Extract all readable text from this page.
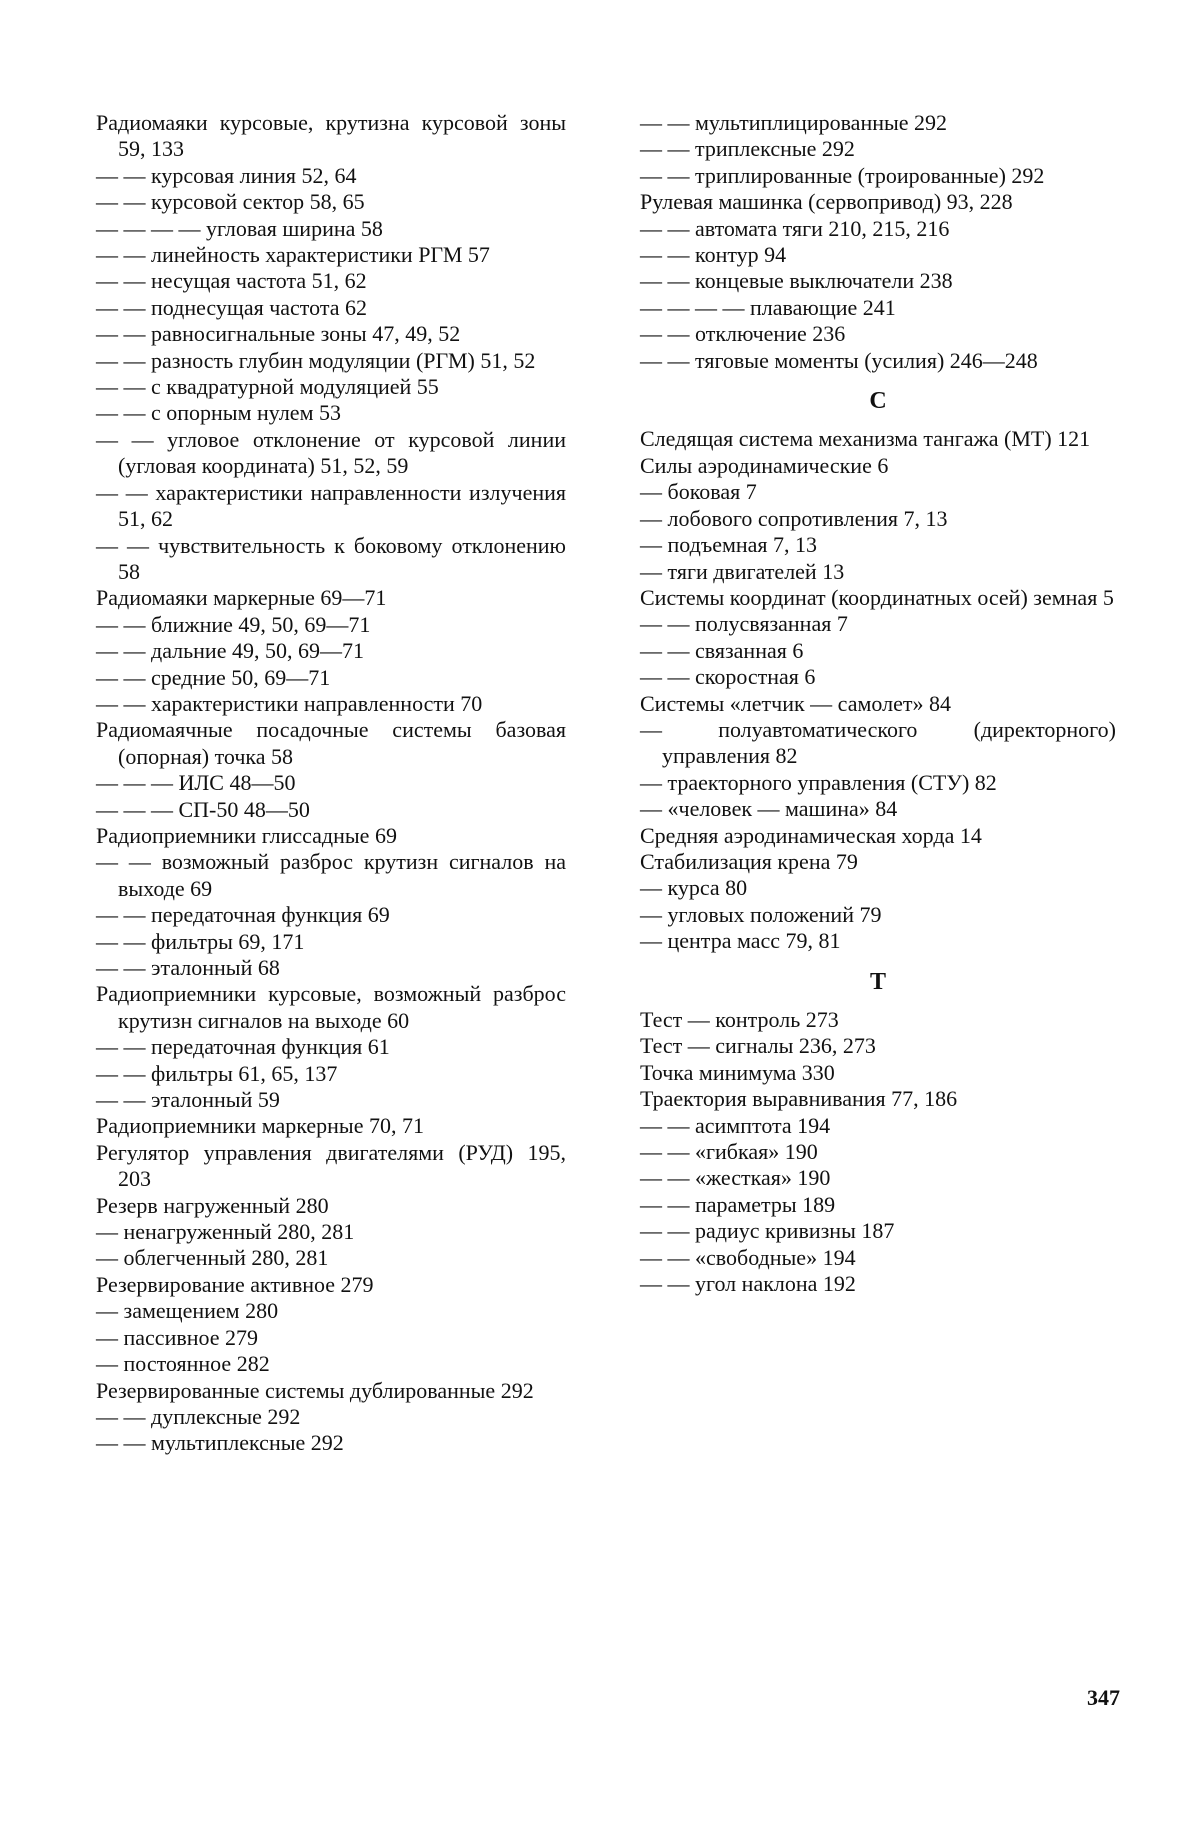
Радиомаяки курсовые, крутизна курсовой зоны 59, 133

— — курсовая линия 52, 64

— — курсовой сектор 58, 65

— — — — угловая ширина 58

— — линейность характеристики РГМ 57

— — несущая частота 51, 62

— — поднесущая частота 62

— — равносигнальные зоны 47, 49, 52

— — разность глубин модуляции (РГМ) 51, 52

— — с квадратурной модуляцией 55

— — с опорным нулем 53

— — угловое отклонение от курсовой линии (угловая координата) 51, 52, 59

— — характеристики направленности излучения 51, 62

— — чувствительность к боковому отклонению 58

Радиомаяки маркерные 69—71

— — ближние 49, 50, 69—71

— — дальние 49, 50, 69—71

— — средние 50, 69—71

— — характеристики направленности 70

Радиомаячные посадочные системы базовая (опорная) точка 58

— — — ИЛС 48—50

— — — СП-50 48—50

Радиоприемники глиссадные 69

— — возможный разброс крутизн сигналов на выходе 69

— — передаточная функция 69

— — фильтры 69, 171

— — эталонный 68

Радиоприемники курсовые, возможный разброс крутизн сигналов на выходе 60

— — передаточная функция 61

— — фильтры 61, 65, 137

— — эталонный 59

Радиоприемники маркерные 70, 71

Регулятор управления двигателями (РУД) 195, 203

Резерв нагруженный 280

— ненагруженный 280, 281

— облегченный 280, 281

Резервирование активное 279

— замещением 280

— пассивное 279

— постоянное 282

Резервированные системы дублированные 292

— — дуплексные 292

— — мультиплексные 292

— — мультиплицированные 292

— — триплексные 292

— — триплированные (троированные) 292

Рулевая машинка (сервопривод) 93, 228

— — автомата тяги 210, 215, 216

— — контур 94

— — концевые выключатели 238

— — — — плавающие 241

— — отключение 236

— — тяговые моменты (усилия) 246—248

С

Следящая система механизма тангажа (МТ) 121

Силы аэродинамические 6

— боковая 7

— лобового сопротивления 7, 13

— подъемная 7, 13

— тяги двигателей 13

Системы координат (координатных осей) земная 5

— — полусвязанная 7

— — связанная 6

— — скоростная 6

Системы «летчик — самолет» 84

— полуавтоматического (директорного) управления 82

— траекторного управления (СТУ) 82

— «человек — машина» 84

Средняя аэродинамическая хорда 14

Стабилизация крена 79

— курса 80

— угловых положений 79

— центра масс 79, 81

Т

Тест — контроль 273

Тест — сигналы 236, 273

Точка минимума 330

Траектория выравнивания 77, 186

— — асимптота 194

— — «гибкая» 190

— — «жесткая» 190

— — параметры 189

— — радиус кривизны 187

— — «свободные» 194

— — угол наклона 192

347
